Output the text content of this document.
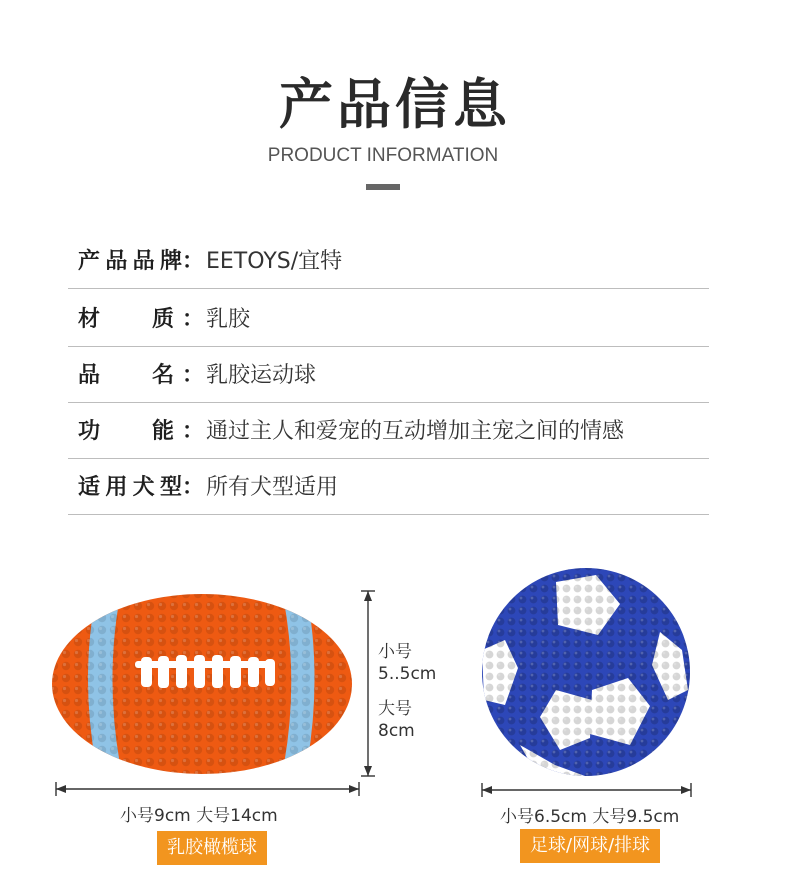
产品信息
PRODUCT INFORMATION
产 品 品 牌 ： EETOYS/宜特
材 质 ： 乳胶
品 名 ： 乳胶运动球
功 能 ： 通过主人和爱宠的互动增加主宠之间的情感
适 用 犬 型 ： 所有犬型适用
小号
5..5cm
大号
8cm
小号9cm 大号14cm	小号6.5cm 大号9.5cm
乳胶橄榄球	足球/网球/排球
